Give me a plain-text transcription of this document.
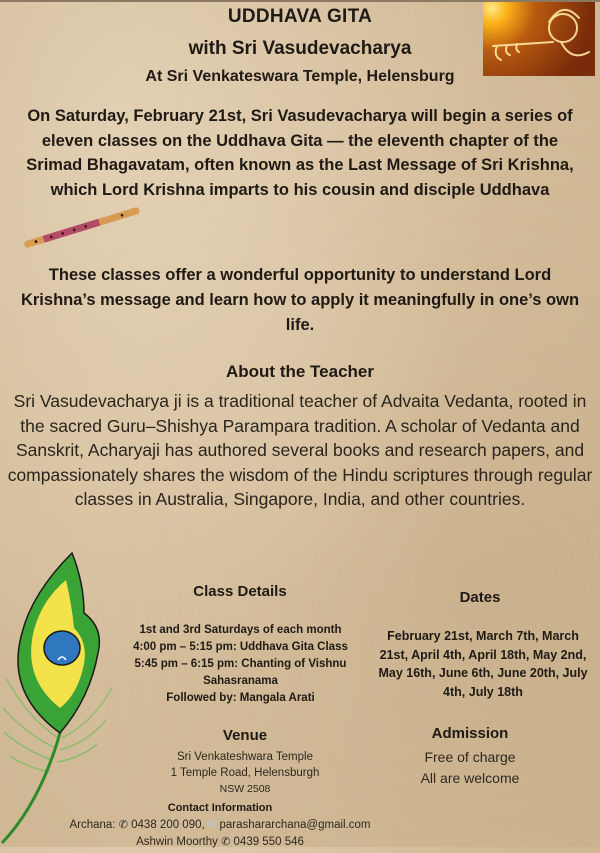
UDDHAVA GITA
with Sri Vasudevacharya
At Sri Venkateswara Temple, Helensburg
On Saturday, February 21st, Sri Vasudevacharya will begin a series of eleven classes on the Uddhava Gita — the eleventh chapter of the Srimad Bhagavatam, often known as the Last Message of Sri Krishna, which Lord Krishna imparts to his cousin and disciple Uddhava
These classes offer a wonderful opportunity to understand Lord Krishna’s message and learn how to apply it meaningfully in one’s own life.
About the Teacher
Sri Vasudevacharya ji is a traditional teacher of Advaita Vedanta, rooted in the sacred Guru–Shishya Parampara tradition. A scholar of Vedanta and Sanskrit, Acharyaji has authored several books and research papers, and compassionately shares the wisdom of the Hindu scriptures through regular classes in Australia, Singapore, India, and other countries.
Class Details
1st and 3rd Saturdays of each month
4:00 pm – 5:15 pm: Uddhava Gita Class
5:45 pm – 6:15 pm: Chanting of Vishnu Sahasranama
Followed by: Mangala Arati
Dates
February 21st, March 7th, March 21st, April 4th, April 18th, May 2nd, May 16th, June 6th, June 20th, July 4th, July 18th
Venue
Sri Venkateshwara Temple
1 Temple Road, Helensburgh
NSW 2508
Admission
Free of charge
All are welcome
Contact Information
Archana: ✆ 0438 200 090, ✉ parashararchana@gmail.com
Ashwin Moorthy ✆ 0439 550 546
